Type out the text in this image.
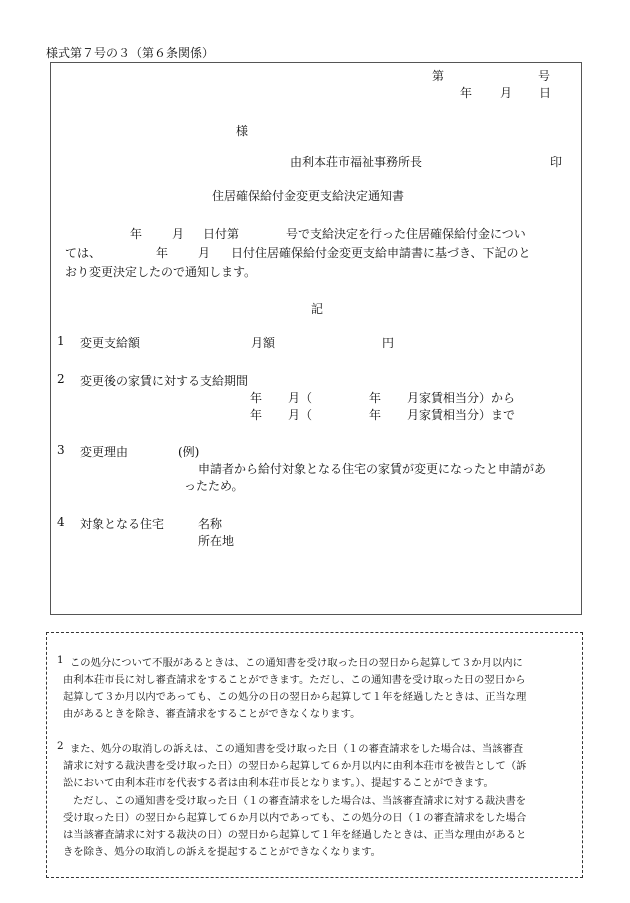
様式第７号の３（第６条関係）
第	号
年 月 日
様
由利本荘市福祉事務所長	印
住居確保給付金変更支給決定通知書
年 月 日付第	号で支給決定を行った住居確保給付金につい
ては、	年 月 日付住居確保給付金変更支給申請書に基づき、下記のと
おり変更決定したので通知します。
記
1 変更支給額	月額	円
2 変更後の家賃に対する支給期間
年 月（	年 月家賃相当分）から
年 月（	年 月家賃相当分）まで
3 変更理由	(例)
申請者から給付対象となる住宅の家賃が変更になったと申請があ
ったため。
4 対象となる住宅	名称
所在地
1 この処分について不服があるときは、この通知書を受け取った日の翌日から起算して３か月以内に
由利本荘市長に対し審査請求をすることができます。ただし、この通知書を受け取った日の翌日から
起算して３か月以内であっても、この処分の日の翌日から起算して１年を経過したときは、正当な理
由があるときを除き、審査請求をすることができなくなります。
2 また、処分の取消しの訴えは、この通知書を受け取った日（１の審査請求をした場合は、当該審査
請求に対する裁決書を受け取った日）の翌日から起算して６か月以内に由利本荘市を被告として（訴
訟において由利本荘市を代表する者は由利本荘市長となります。）、提起することができます。
ただし、この通知書を受け取った日（１の審査請求をした場合は、当該審査請求に対する裁決書を
受け取った日）の翌日から起算して６か月以内であっても、この処分の日（１の審査請求をした場合
は当該審査請求に対する裁決の日）の翌日から起算して１年を経過したときは、正当な理由があると
きを除き、処分の取消しの訴えを提起することができなくなります。
